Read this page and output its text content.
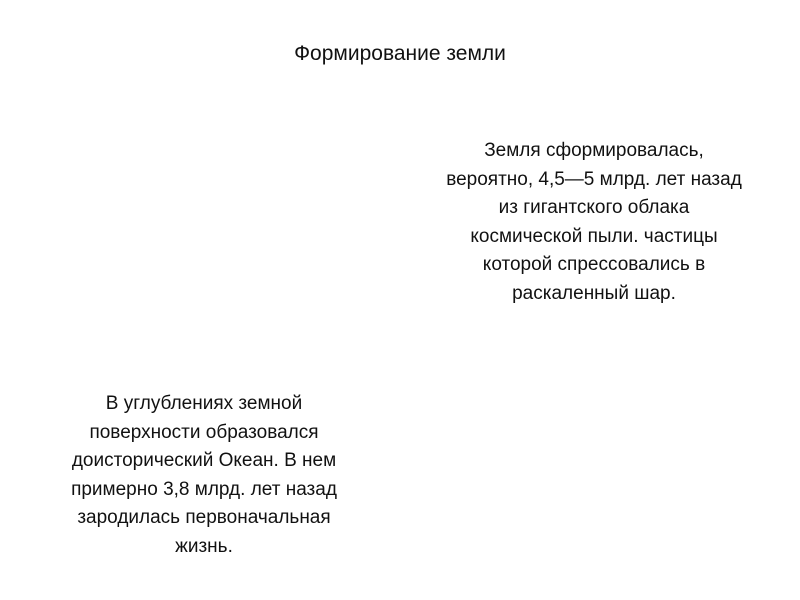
Формирование земли
Земля сформировалась,
вероятно, 4,5—5 млрд. лет назад
из гигантского облака
космической пыли. частицы
которой спрессовались в
раскаленный шар.
В углублениях земной
поверхности образовался
доисторический Океан. В нем
примерно 3,8 млрд. лет назад
зародилась первоначальная
жизнь.
